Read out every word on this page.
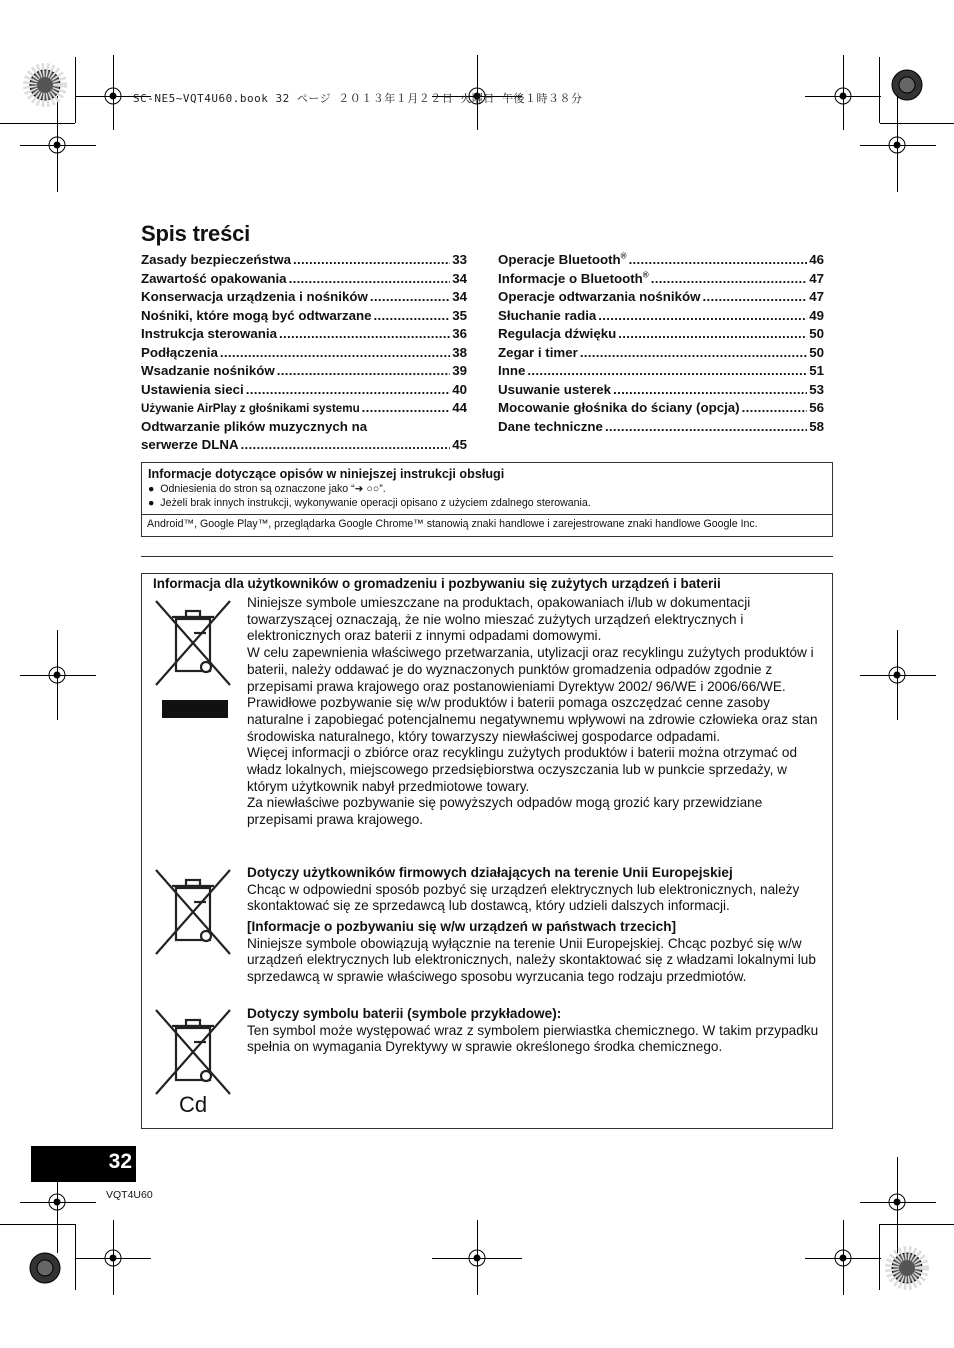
SC-NE5~VQT4U60.book 32 ページ ２０１３年１月２２日 火曜日 午後１時３８分
Spis treści
Zasady bezpieczeństwa .....	33
Zawartość opakowania .....	34
Konserwacja urządzenia i nośników .....	34
Nośniki, które mogą być odtwarzane .....	35
Instrukcja sterowania .....	36
Podłączenia .....	38
Wsadzanie nośników .....	39
Ustawienia sieci .....	40
Używanie AirPlay z głośnikami systemu .....	44
Odtwarzanie plików muzycznych na
serwerze DLNA .....	45
Operacje Bluetooth® .....	46
Informacje o Bluetooth® .....	47
Operacje odtwarzania nośników .....	47
Słuchanie radia .....	49
Regulacja dźwięku .....	50
Zegar i timer .....	50
Inne .....	51
Usuwanie usterek .....	53
Mocowanie głośnika do ściany (opcja) .....	56
Dane techniczne .....	58
Informacje dotyczące opisów w niniejszej instrukcji obsługi
●  Odniesienia do stron są oznaczone jako “➜ ○○”.
●  Jeżeli brak innych instrukcji, wykonywanie operacji opisano z użyciem zdalnego sterowania.
Android™, Google Play™, przeglądarka Google Chrome™ stanowią znaki handlowe i zarejestrowane znaki handlowe Google Inc.
Informacja dla użytkowników o gromadzeniu i pozbywaniu się zużytych urządzeń i baterii
Cd
Niniejsze symbole umieszczane na produktach, opakowaniach i/lub w dokumentacji towarzyszącej oznaczają, że nie wolno mieszać zużytych urządzeń elektrycznych i elektronicznych oraz baterii z innymi odpadami domowymi.
W celu zapewnienia właściwego przetwarzania, utylizacji oraz recyklingu zużytych produktów i baterii, należy oddawać je do wyznaczonych punktów gromadzenia odpadów zgodnie z przepisami prawa krajowego oraz postanowieniami Dyrektyw 2002/ 96/WE i 2006/66/WE.
Prawidłowe pozbywanie się w/w produktów i baterii pomaga oszczędzać cenne zasoby naturalne i zapobiegać potencjalnemu negatywnemu wpływowi na zdrowie człowieka oraz stan środowiska naturalnego, który towarzyszy niewłaściwej gospodarce odpadami.
Więcej informacji o zbiórce oraz recyklingu zużytych produktów i baterii można otrzymać od władz lokalnych, miejscowego przedsiębiorstwa oczyszczania lub w punkcie sprzedaży, w którym użytkownik nabył przedmiotowe towary.
Za niewłaściwe pozbywanie się powyższych odpadów mogą grozić kary przewidziane przepisami prawa krajowego.
Dotyczy użytkowników firmowych działających na terenie Unii Europejskiej
Chcąc w odpowiedni sposób pozbyć się urządzeń elektrycznych lub elektronicznych, należy skontaktować się ze sprzedawcą lub dostawcą, który udzieli dalszych informacji.
[Informacje o pozbywaniu się w/w urządzeń w państwach trzecich]
Niniejsze symbole obowiązują wyłącznie na terenie Unii Europejskiej. Chcąc pozbyć się w/w urządzeń elektrycznych lub elektronicznych, należy skontaktować się z władzami lokalnymi lub sprzedawcą w sprawie właściwego sposobu wyrzucania tego rodzaju przedmiotów.
Dotyczy symbolu baterii (symbole przykładowe):
Ten symbol może występować wraz z symbolem pierwiastka chemicznego. W takim przypadku spełnia on wymagania Dyrektywy w sprawie określonego środka chemicznego.
32
VQT4U60
